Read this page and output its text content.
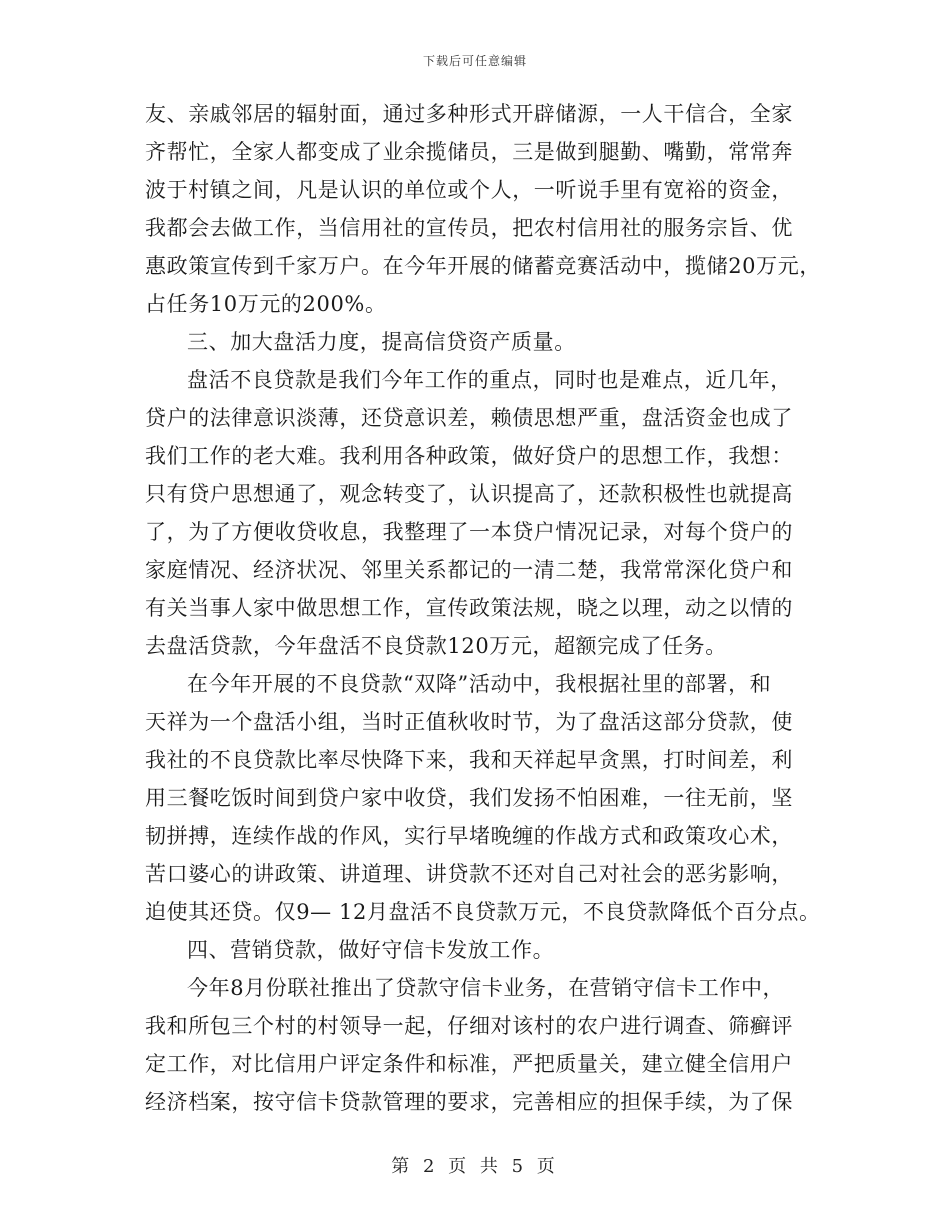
下载后可任意编辑
友、亲戚邻居的辐射面，通过多种形式开辟储源，一人干信合，全家
齐帮忙，全家人都变成了业余揽储员，三是做到腿勤、嘴勤，常常奔
波于村镇之间，凡是认识的单位或个人，一听说手里有宽裕的资金，
我都会去做工作，当信用社的宣传员，把农村信用社的服务宗旨、优
惠政策宣传到千家万户。在今年开展的储蓄竞赛活动中，揽储20万元，
占任务10万元的200%。
三、加大盘活力度，提高信贷资产质量。
盘活不良贷款是我们今年工作的重点，同时也是难点，近几年，
贷户的法律意识淡薄，还贷意识差，赖债思想严重，盘活资金也成了
我们工作的老大难。我利用各种政策，做好贷户的思想工作，我想：
只有贷户思想通了，观念转变了，认识提高了，还款积极性也就提高
了，为了方便收贷收息，我整理了一本贷户情况记录，对每个贷户的
家庭情况、经济状况、邻里关系都记的一清二楚，我常常深化贷户和
有关当事人家中做思想工作，宣传政策法规，晓之以理，动之以情的
去盘活贷款，今年盘活不良贷款120万元，超额完成了任务。
在今年开展的不良贷款“双降”活动中，我根据社里的部署，和
天祥为一个盘活小组，当时正值秋收时节，为了盘活这部分贷款，使
我社的不良贷款比率尽快降下来，我和天祥起早贪黑，打时间差，利
用三餐吃饭时间到贷户家中收贷，我们发扬不怕困难，一往无前，坚
韧拼搏，连续作战的作风，实行早堵晚缠的作战方式和政策攻心术，
苦口婆心的讲政策、讲道理、讲贷款不还对自己对社会的恶劣影响，
迫使其还贷。仅9— 12月盘活不良贷款万元，不良贷款降低个百分点。
四、营销贷款，做好守信卡发放工作。
今年8月份联社推出了贷款守信卡业务，在营销守信卡工作中，
我和所包三个村的村领导一起，仔细对该村的农户进行调查、筛癣评
定工作，对比信用户评定条件和标准，严把质量关，建立健全信用户
经济档案，按守信卡贷款管理的要求，完善相应的担保手续，为了保
第 2 页 共 5 页
